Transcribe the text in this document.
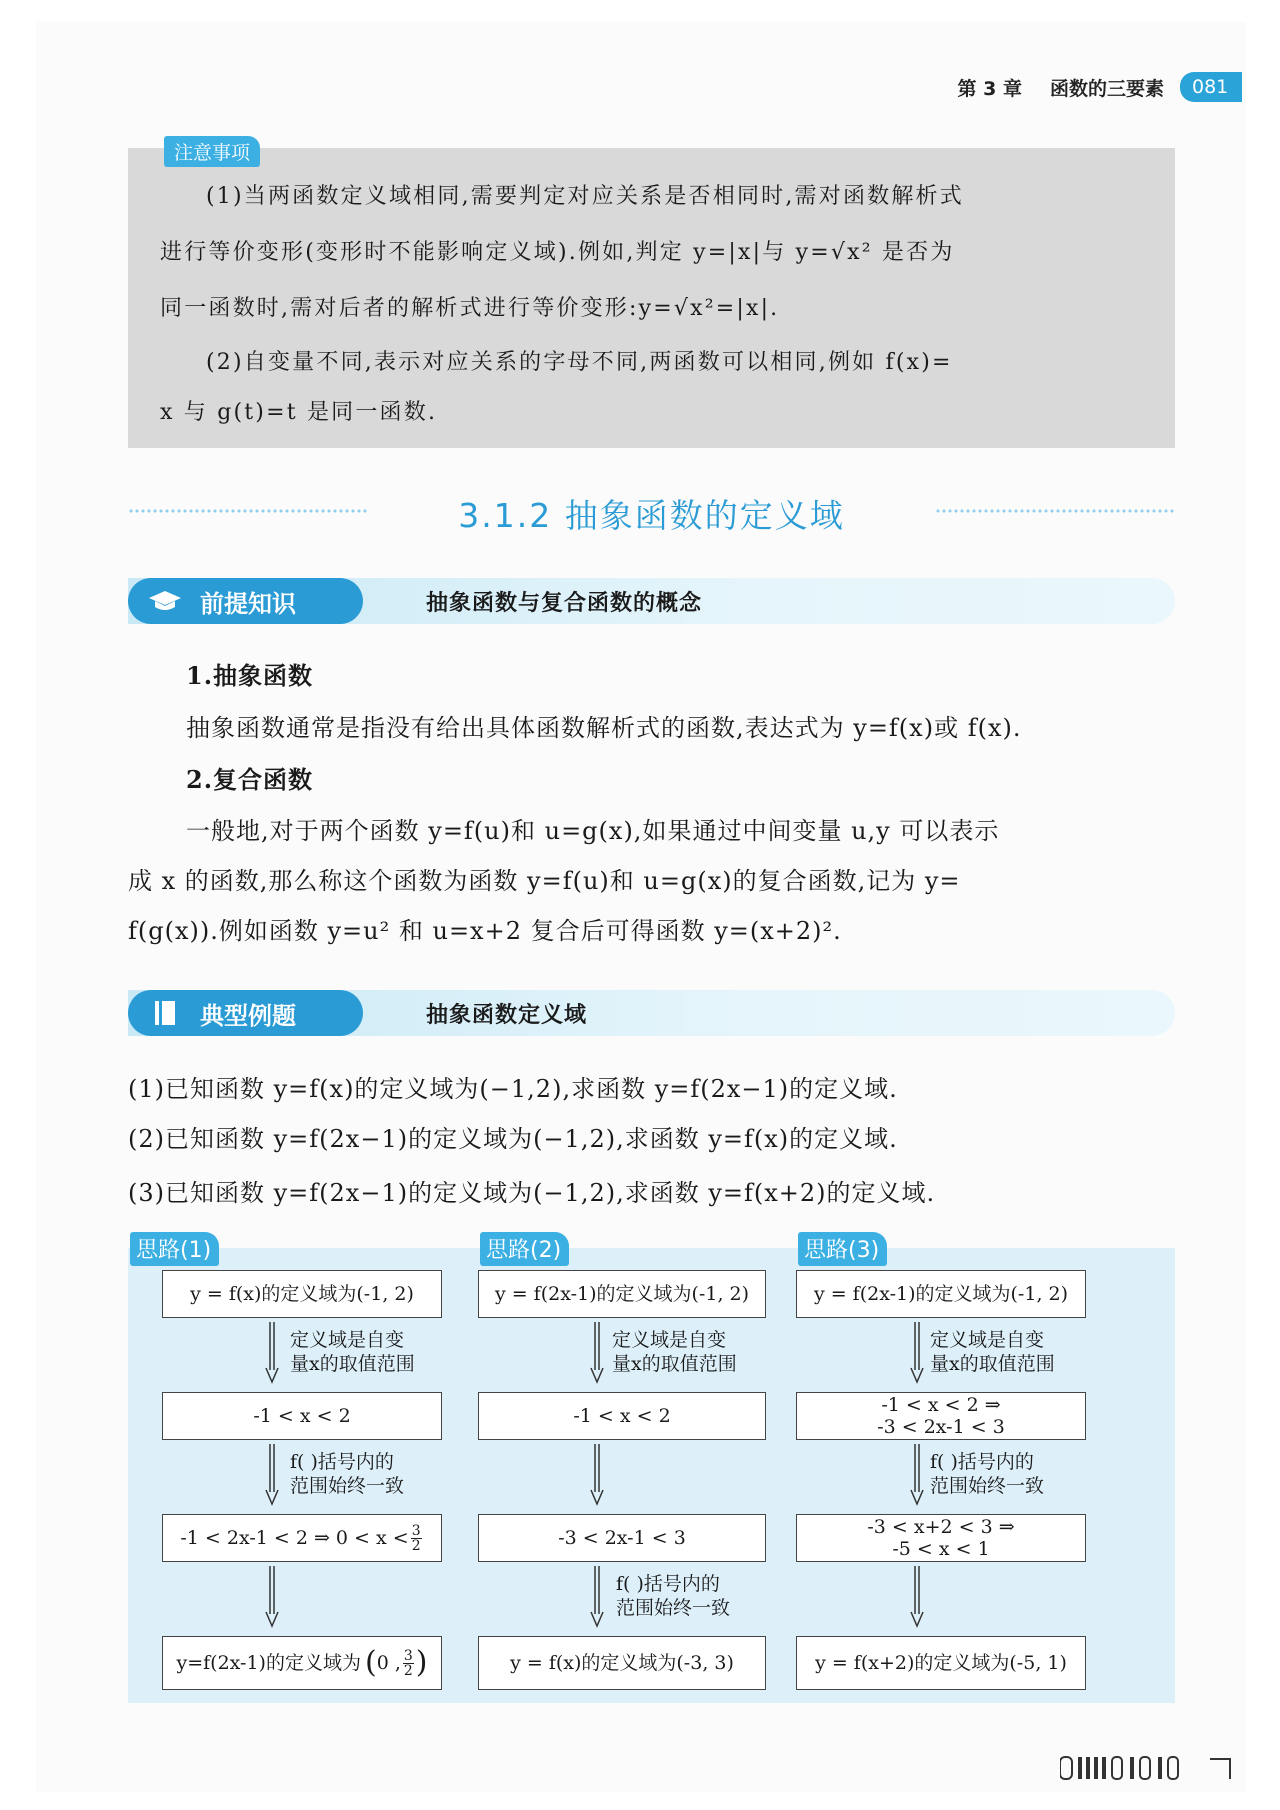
第 3 章 函数的三要素	081
注意事项

(1)当两函数定义域相同,需要判定对应关系是否相同时,需对函数解析式

进行等价变形(变形时不能影响定义域).例如,判定 y=|x|与 y=√x² 是否为

同一函数时,需对后者的解析式进行等价变形:y=√x²=|x|.

(2)自变量不同,表示对应关系的字母不同,两函数可以相同,例如 f(x)=

x 与 g(t)=t 是同一函数.

3.1.2 抽象函数的定义域
前提知识	抽象函数与复合函数的概念
1.抽象函数
抽象函数通常是指没有给出具体函数解析式的函数,表达式为 y=f(x)或 f(x).
2.复合函数
一般地,对于两个函数 y=f(u)和 u=g(x),如果通过中间变量 u,y 可以表示
成 x 的函数,那么称这个函数为函数 y=f(u)和 u=g(x)的复合函数,记为 y=
f(g(x)).例如函数 y=u² 和 u=x+2 复合后可得函数 y=(x+2)².
典型例题	抽象函数定义域
(1)已知函数 y=f(x)的定义域为(−1,2),求函数 y=f(2x−1)的定义域.
(2)已知函数 y=f(2x−1)的定义域为(−1,2),求函数 y=f(x)的定义域.
(3)已知函数 y=f(2x−1)的定义域为(−1,2),求函数 y=f(x+2)的定义域.
思路(1)	思路(2)	思路(3)
y = f(x)的定义域为(-1, 2)
定义域是自变
量x的取值范围
-1 < x < 2
f( )括号内的
范围始终一致
-1 < 2x-1 < 2 ⇒ $0 < x < \frac{3}{2}$
y=f(2x-1)的定义域为 ( 0 , $\frac{3}{2}$ )
y = f(2x-1)的定义域为(-1, 2)
定义域是自变
量x的取值范围
-1 < x < 2
-3 < 2x-1 < 3
f( )括号内的
范围始终一致
y = f(x)的定义域为(-3, 3)
y = f(2x-1)的定义域为(-1, 2)
定义域是自变
量x的取值范围
-1 < x < 2 ⇒
-3 < 2x-1 < 3
f( )括号内的
范围始终一致
-3 < x+2 < 3 ⇒
-5 < x < 1
y = f(x+2)的定义域为(-5, 1)
